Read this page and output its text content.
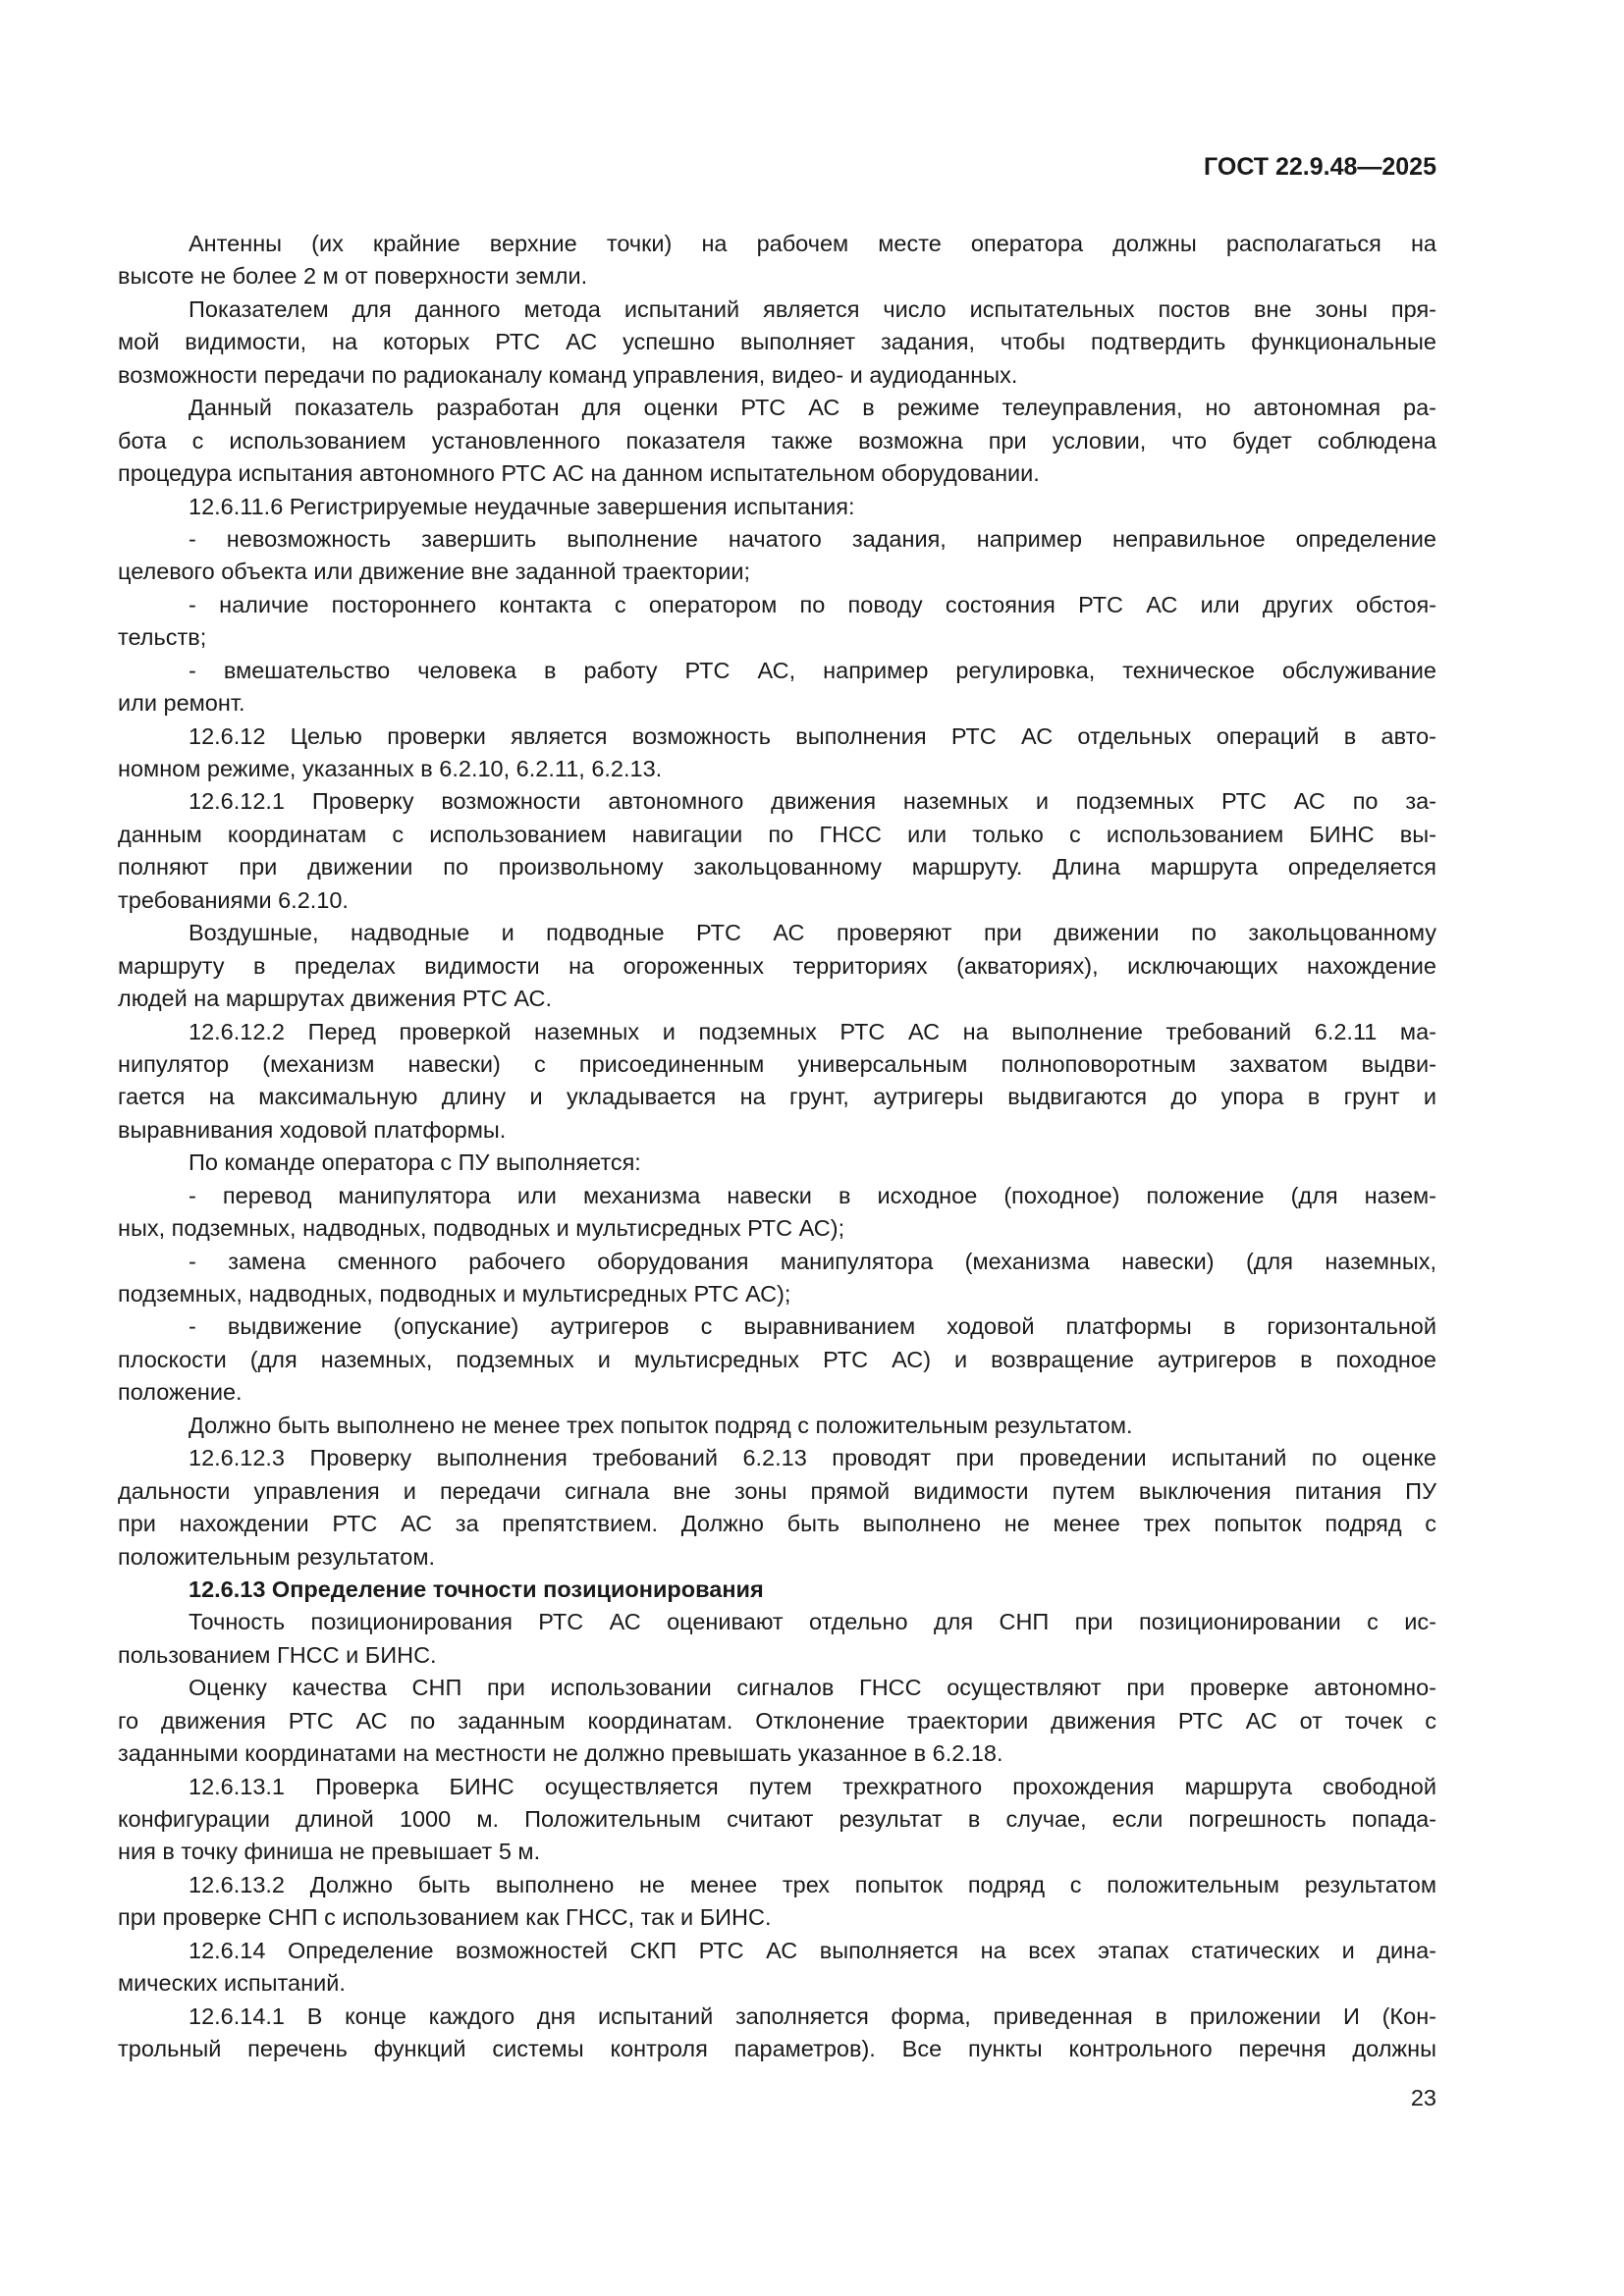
ГОСТ 22.9.48—2025
Антенны (их крайние верхние точки) на рабочем месте оператора должны располагаться на
высоте не более 2 м от поверхности земли.
Показателем для данного метода испытаний является число испытательных постов вне зоны пря-
мой видимости, на которых РТС АС успешно выполняет задания, чтобы подтвердить функциональные
возможности передачи по радиоканалу команд управления, видео- и аудиоданных.
Данный показатель разработан для оценки РТС АС в режиме телеуправления, но автономная ра-
бота с использованием установленного показателя также возможна при условии, что будет соблюдена
процедура испытания автономного РТС АС на данном испытательном оборудовании.
12.6.11.6 Регистрируемые неудачные завершения испытания:
- невозможность завершить выполнение начатого задания, например неправильное определение
целевого объекта или движение вне заданной траектории;
- наличие постороннего контакта с оператором по поводу состояния РТС АС или других обстоя-
тельств;
- вмешательство человека в работу РТС АС, например регулировка, техническое обслуживание
или ремонт.
12.6.12 Целью проверки является возможность выполнения РТС АС отдельных операций в авто-
номном режиме, указанных в 6.2.10, 6.2.11, 6.2.13.
12.6.12.1 Проверку возможности автономного движения наземных и подземных РТС АС по за-
данным координатам с использованием навигации по ГНСС или только с использованием БИНС вы-
полняют при движении по произвольному закольцованному маршруту. Длина маршрута определяется
требованиями 6.2.10.
Воздушные, надводные и подводные РТС АС проверяют при движении по закольцованному
маршруту в пределах видимости на огороженных территориях (акваториях), исключающих нахождение
людей на маршрутах движения РТС АС.
12.6.12.2 Перед проверкой наземных и подземных РТС АС на выполнение требований 6.2.11 ма-
нипулятор (механизм навески) с присоединенным универсальным полноповоротным захватом выдви-
гается на максимальную длину и укладывается на грунт, аутригеры выдвигаются до упора в грунт и
выравнивания ходовой платформы.
По команде оператора с ПУ выполняется:
- перевод манипулятора или механизма навески в исходное (походное) положение (для назем-
ных, подземных, надводных, подводных и мультисредных РТС АС);
- замена сменного рабочего оборудования манипулятора (механизма навески) (для наземных,
подземных, надводных, подводных и мультисредных РТС АС);
- выдвижение (опускание) аутригеров с выравниванием ходовой платформы в горизонтальной
плоскости (для наземных, подземных и мультисредных РТС АС) и возвращение аутригеров в походное
положение.
Должно быть выполнено не менее трех попыток подряд с положительным результатом.
12.6.12.3 Проверку выполнения требований 6.2.13 проводят при проведении испытаний по оценке
дальности управления и передачи сигнала вне зоны прямой видимости путем выключения питания ПУ
при нахождении РТС АС за препятствием. Должно быть выполнено не менее трех попыток подряд с
положительным результатом.
12.6.13 Определение точности позиционирования
Точность позиционирования РТС АС оценивают отдельно для СНП при позиционировании с ис-
пользованием ГНСС и БИНС.
Оценку качества СНП при использовании сигналов ГНСС осуществляют при проверке автономно-
го движения РТС АС по заданным координатам. Отклонение траектории движения РТС АС от точек с
заданными координатами на местности не должно превышать указанное в 6.2.18.
12.6.13.1 Проверка БИНС осуществляется путем трехкратного прохождения маршрута свободной
конфигурации длиной 1000 м. Положительным считают результат в случае, если погрешность попада-
ния в точку финиша не превышает 5 м.
12.6.13.2 Должно быть выполнено не менее трех попыток подряд с положительным результатом
при проверке СНП с использованием как ГНСС, так и БИНС.
12.6.14 Определение возможностей СКП РТС АС выполняется на всех этапах статических и дина-
мических испытаний.
12.6.14.1 В конце каждого дня испытаний заполняется форма, приведенная в приложении И (Кон-
трольный перечень функций системы контроля параметров). Все пункты контрольного перечня должны
23
